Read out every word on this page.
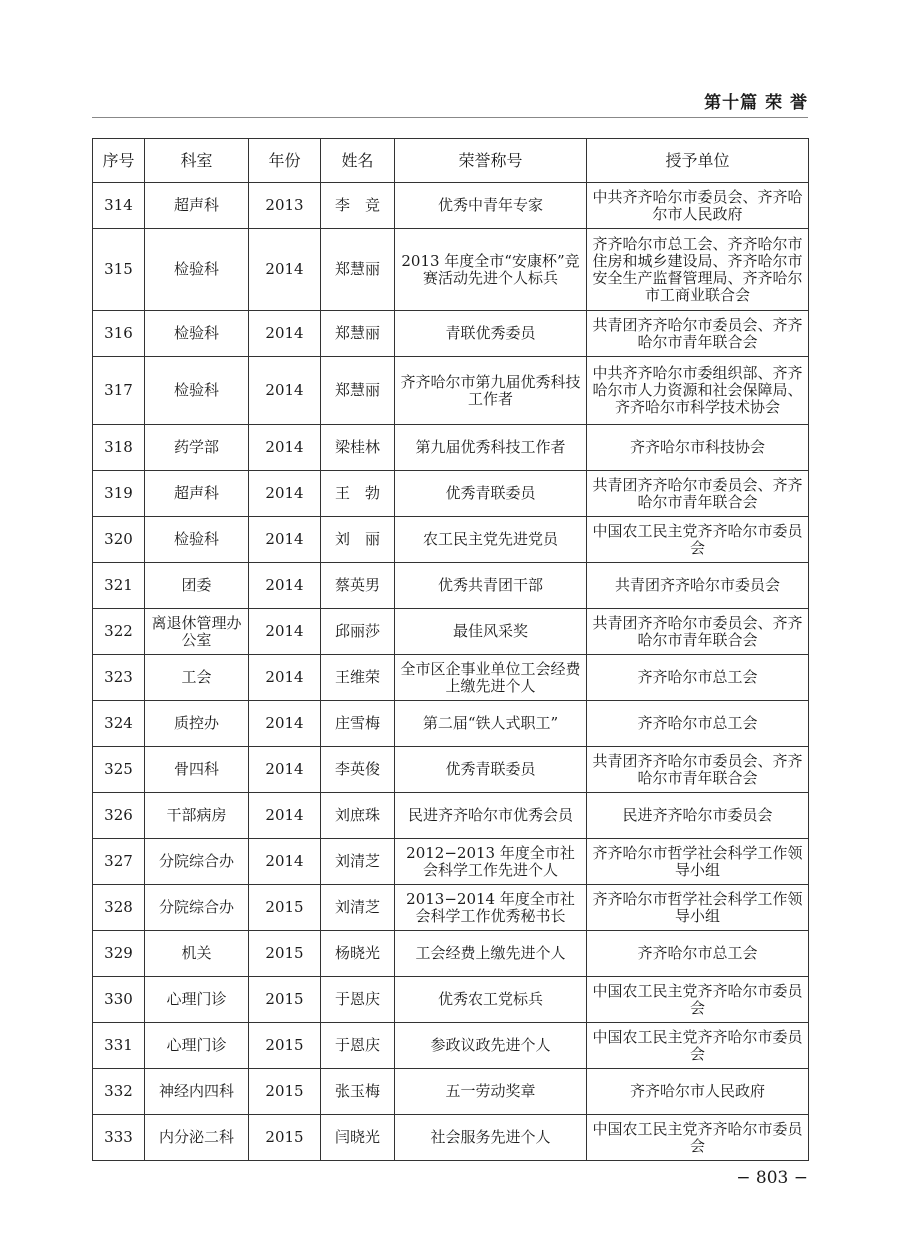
第十篇 荣 誉
序号	科室	年份	姓名	荣誉称号	授予单位
314	超声科	2013	李　竞	优秀中青年专家	中共齐齐哈尔市委员会、齐齐哈尔市人民政府
315	检验科	2014	郑慧丽	2013 年度全市“安康杯”竞赛活动先进个人标兵	齐齐哈尔市总工会、齐齐哈尔市住房和城乡建设局、齐齐哈尔市安全生产监督管理局、齐齐哈尔市工商业联合会
316	检验科	2014	郑慧丽	青联优秀委员	共青团齐齐哈尔市委员会、齐齐哈尔市青年联合会
317	检验科	2014	郑慧丽	齐齐哈尔市第九届优秀科技工作者	中共齐齐哈尔市委组织部、齐齐哈尔市人力资源和社会保障局、齐齐哈尔市科学技术协会
318	药学部	2014	梁桂林	第九届优秀科技工作者	齐齐哈尔市科技协会
319	超声科	2014	王　勃	优秀青联委员	共青团齐齐哈尔市委员会、齐齐哈尔市青年联合会
320	检验科	2014	刘　丽	农工民主党先进党员	中国农工民主党齐齐哈尔市委员会
321	团委	2014	蔡英男	优秀共青团干部	共青团齐齐哈尔市委员会
322	离退休管理办公室	2014	邱丽莎	最佳风采奖	共青团齐齐哈尔市委员会、齐齐哈尔市青年联合会
323	工会	2014	王维荣	全市区企事业单位工会经费上缴先进个人	齐齐哈尔市总工会
324	质控办	2014	庄雪梅	第二届“铁人式职工”	齐齐哈尔市总工会
325	骨四科	2014	李英俊	优秀青联委员	共青团齐齐哈尔市委员会、齐齐哈尔市青年联合会
326	干部病房	2014	刘庶珠	民进齐齐哈尔市优秀会员	民进齐齐哈尔市委员会
327	分院综合办	2014	刘清芝	2012−2013 年度全市社会科学工作先进个人	齐齐哈尔市哲学社会科学工作领导小组
328	分院综合办	2015	刘清芝	2013−2014 年度全市社会科学工作优秀秘书长	齐齐哈尔市哲学社会科学工作领导小组
329	机关	2015	杨晓光	工会经费上缴先进个人	齐齐哈尔市总工会
330	心理门诊	2015	于恩庆	优秀农工党标兵	中国农工民主党齐齐哈尔市委员会
331	心理门诊	2015	于恩庆	参政议政先进个人	中国农工民主党齐齐哈尔市委员会
332	神经内四科	2015	张玉梅	五一劳动奖章	齐齐哈尔市人民政府
333	内分泌二科	2015	闫晓光	社会服务先进个人	中国农工民主党齐齐哈尔市委员会
− 803 −
